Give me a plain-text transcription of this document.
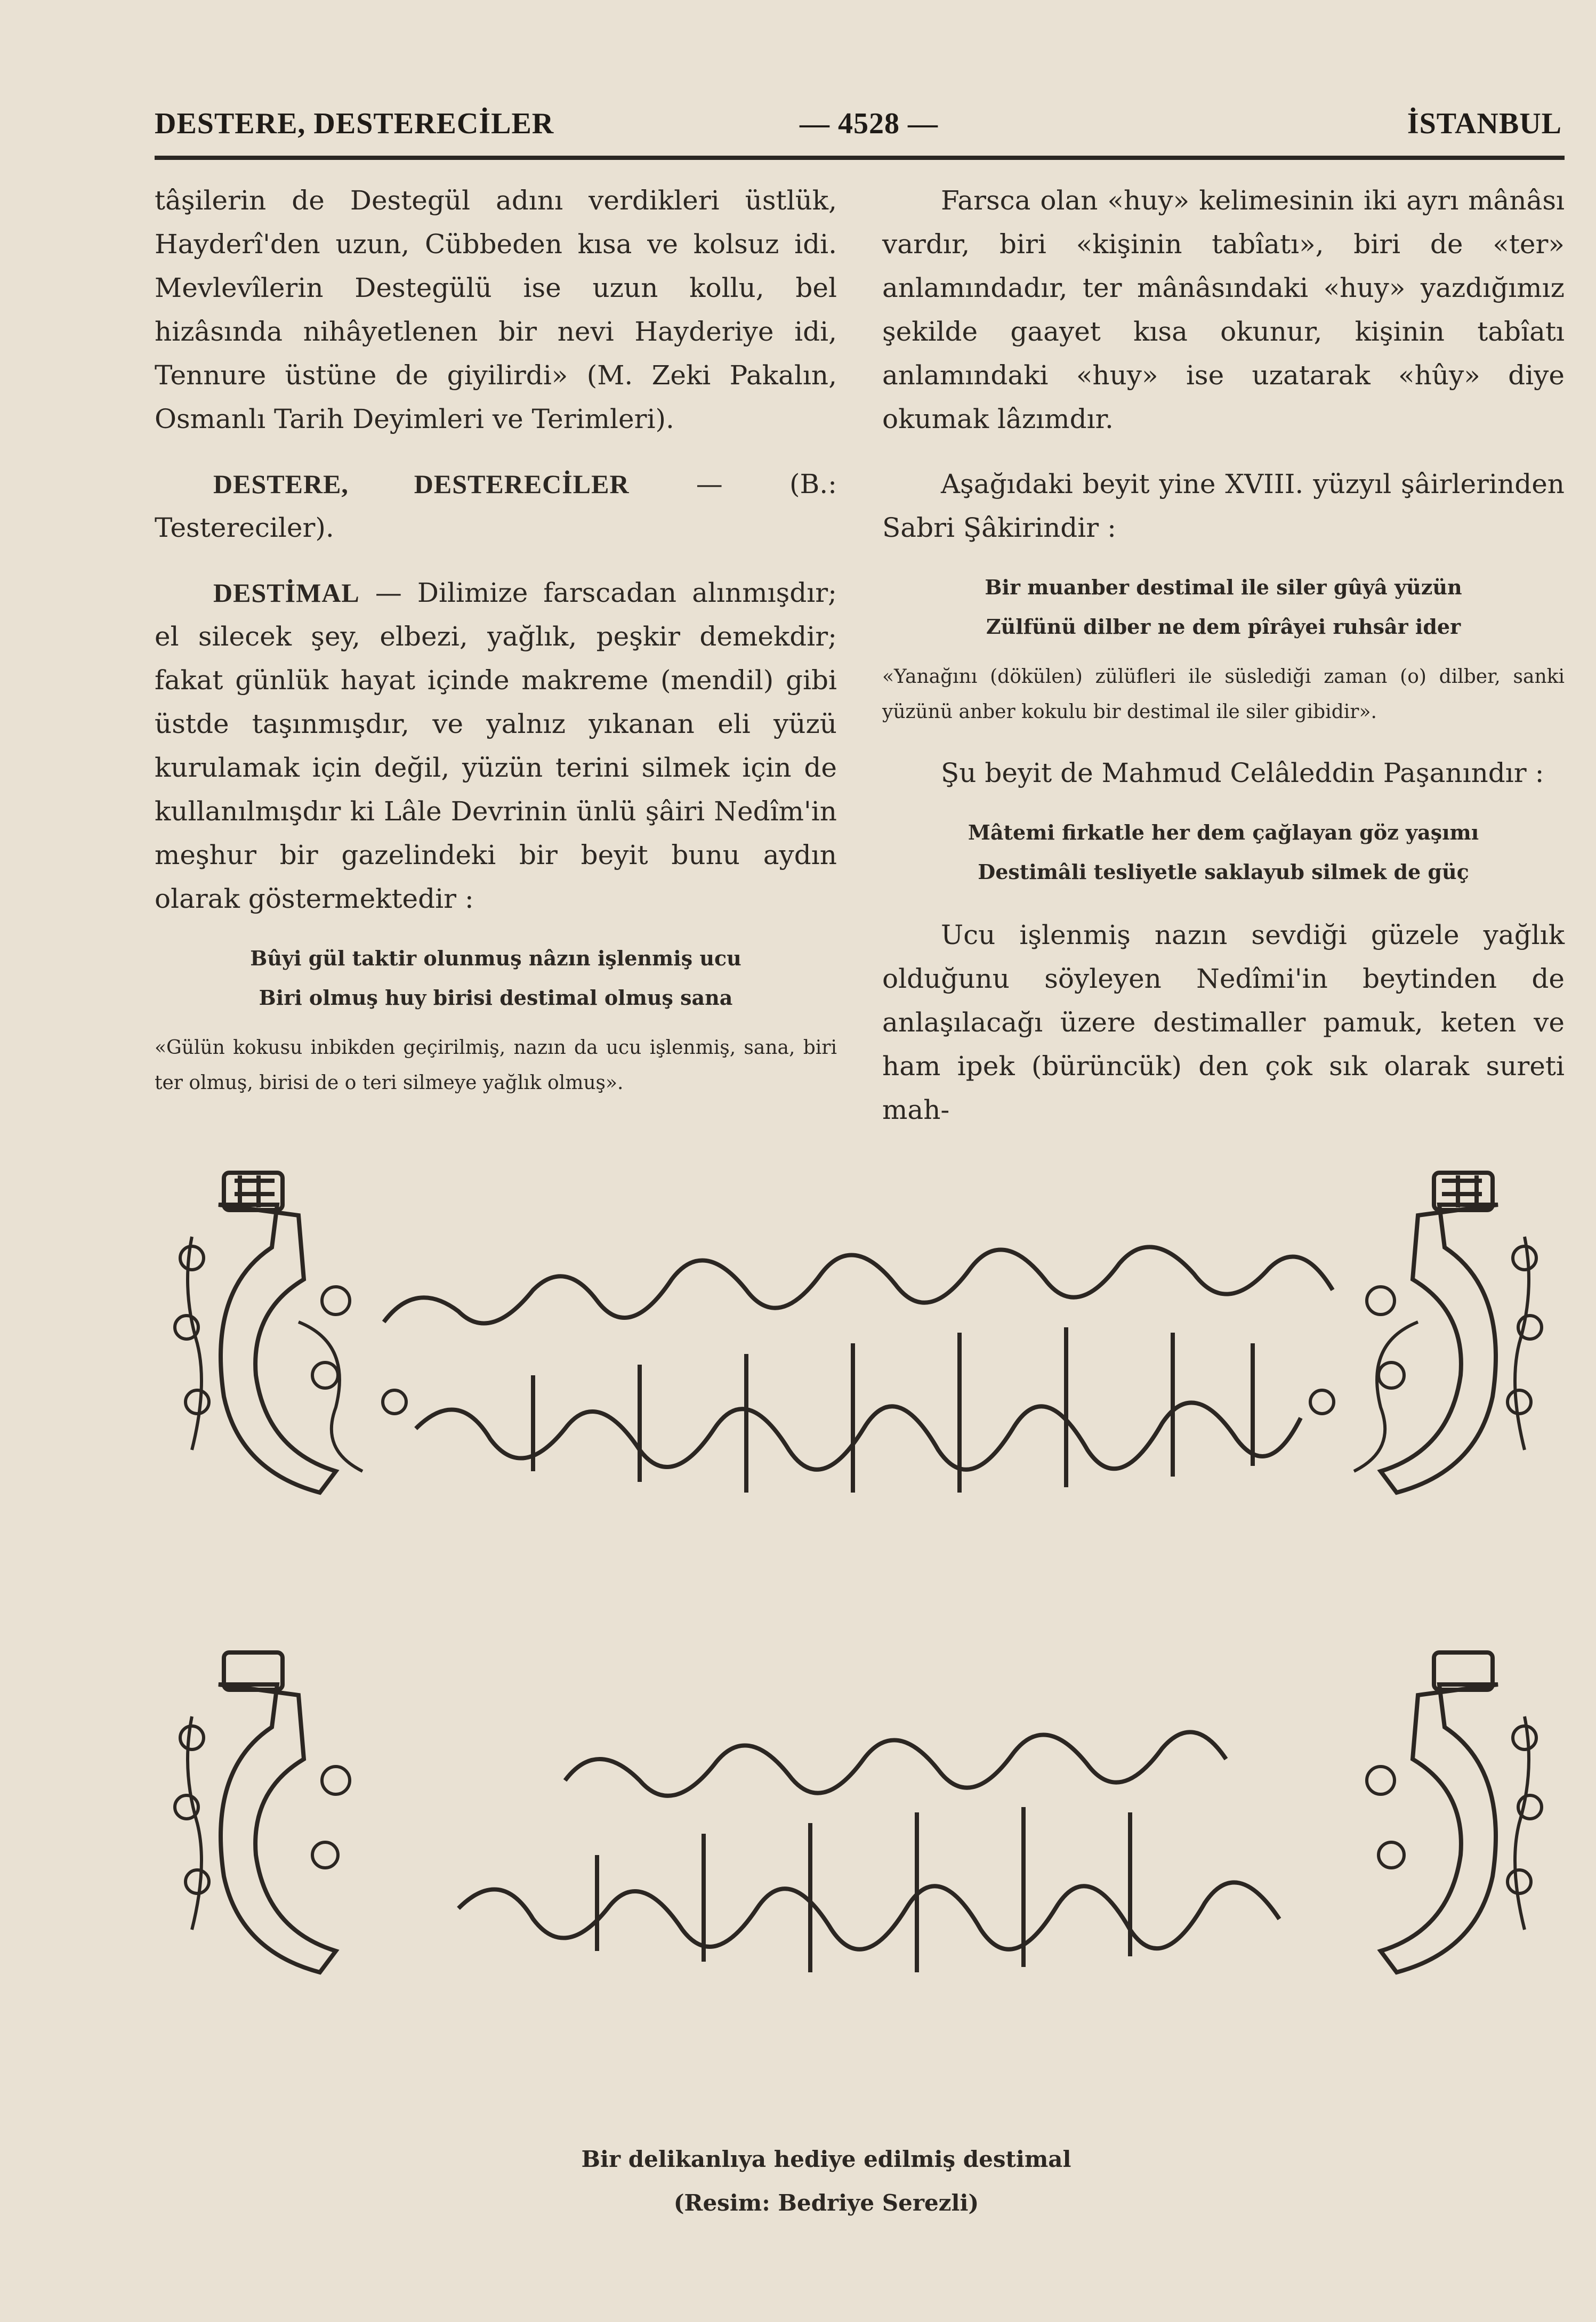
DESTERE, DESTERECİLER	— 4528 —	İSTANBUL

tâşilerin de Destegül adını verdikleri üstlük, Hayderî'den uzun, Cübbeden kısa ve kolsuz idi. Mevlevîlerin Destegülü ise uzun kollu, bel hizâsında nihâyetlenen bir nevi Hayderiye idi, Tennure üstüne de giyilirdi» (M. Zeki Pakalın, Osmanlı Tarih Deyimleri ve Terimleri).

DESTERE, DESTERECİLER — (B.: Testereciler).

DESTİMAL — Dilimize farscadan alınmışdır; el silecek şey, elbezi, yağlık, peşkir demekdir; fakat günlük hayat içinde makreme (mendil) gibi üstde taşınmışdır, ve yalnız yıkanan eli yüzü kurulamak için değil, yüzün terini silmek için de kullanılmışdır ki Lâle Devrinin ünlü şâiri Nedîm'in meşhur bir gazelindeki bir beyit bunu aydın olarak göstermektedir :

Bûyi gül taktir olunmuş nâzın işlenmiş ucu
Biri olmuş huy birisi destimal olmuş sana

«Gülün kokusu inbikden geçirilmiş, nazın da ucu işlenmiş, sana, biri ter olmuş, birisi de o teri silmeye yağlık olmuş».

Farsca olan «huy» kelimesinin iki ayrı mânâsı vardır, biri «kişinin tabîatı», biri de «ter» anlamındadır, ter mânâsındaki «huy» yazdığımız şekilde gaayet kısa okunur, kişinin tabîatı anlamındaki «huy» ise uzatarak «hûy» diye okumak lâzımdır.

Aşağıdaki beyit yine XVIII. yüzyıl şâirlerinden Sabri Şâkirindir :

Bir muanber destimal ile siler gûyâ yüzün
Zülfünü dilber ne dem pîrâyei ruhsâr ider

«Yanağını (dökülen) zülüfleri ile süslediği zaman (o) dilber, sanki yüzünü anber kokulu bir destimal ile siler gibidir».

Şu beyit de Mahmud Celâleddin Paşanındır :

Mâtemi firkatle her dem çağlayan göz yaşımı
Destimâli tesliyetle saklayub silmek de güç

Ucu işlenmiş nazın sevdiği güzele yağlık olduğunu söyleyen Nedîmi'in beytinden de anlaşılacağı üzere destimaller pamuk, keten ve ham ipek (bürüncük) den çok sık olarak sureti mah-

Bir delikanlıya hediye edilmiş destimal
(Resim: Bedriye Serezli)
